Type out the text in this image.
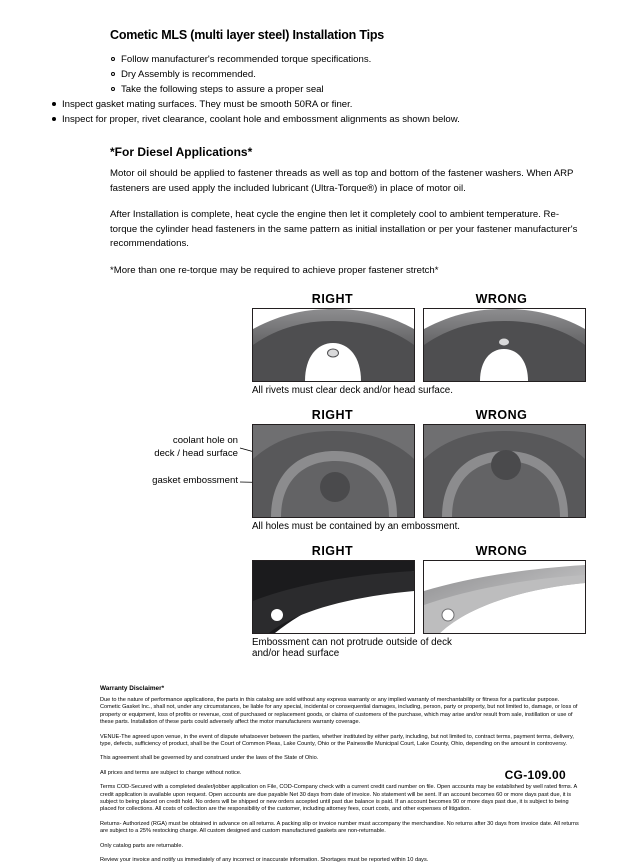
Cometic MLS (multi layer steel) Installation Tips
Follow manufacturer's recommended torque specifications.
Dry Assembly is recommended.
Take the following steps to assure a proper seal
Inspect gasket mating surfaces. They must be smooth 50RA or finer.
Inspect for proper, rivet clearance, coolant hole and embossment alignments as shown below.
*For Diesel Applications*

Motor oil should be applied to fastener threads as well as top and bottom of the fastener washers. When ARP fasteners are used apply the included lubricant (Ultra-Torque®) in place of motor oil.

After Installation is complete, heat cycle the engine then let it completely cool to ambient temperature. Re-torque the cylinder head fasteners in the same pattern as initial installation or per your fastener manufacturer's recommendations.

*More than one re-torque may be required to achieve proper fastener stretch*

RIGHT	WRONG
All rivets must clear deck and/or head surface.
RIGHT	WRONG
All holes must be contained by an embossment.
coolant hole on
deck / head surface
gasket embossment
RIGHT	WRONG
Embossment can not protrude outside of deck
and/or head surface
Warranty Disclaimer*

Due to the nature of performance applications, the parts in this catalog are sold without any express warranty or any implied warranty of merchantability or fitness for a particular purpose. Cometic Gasket Inc., shall not, under any circumstances, be liable for any special, incidental or consequential damages, including, person, party or property, but not limited to, damage, or loss of property or equipment, loss of profits or revenue, cost of purchased or replacement goods, or claims of customers of the purchase, which may arise and/or result from sale, instillation or use of these parts. Installation of these parts could adversely affect the motor manufacturers warranty coverage.

VENUE-The agreed upon venue, in the event of dispute whatsoever between the parties, whether instituted by either party, including, but not limited to, contract terms, payment terms, delivery, type, defects, sufficiency of product, shall be the Court of Common Pleas, Lake County, Ohio or the Painesville Municipal Court, Lake County, Ohio, depending on the amount in controversy.

This agreement shall be governed by and construed under the laws of the State of Ohio.

All prices and terms are subject to change without notice.

Terms COD-Secured with a completed dealer/jobber application on File, COD-Company check with a current credit card number on file. Open accounts may be established by well rated firms. A credit application is available upon request. Open accounts are due payable Net 30 days from date of invoice. No statement will be sent. If an account becomes 60 or more days past due, it is subject to being placed on credit hold. No orders will be shipped or new orders accepted until past due balance is paid. If an account becomes 90 or more days past due, it is subject to being placed for collections. All costs of collection are the responsibility of the customer, including attorney fees, court costs, and other expenses of litigation.

Returns- Authorized (RGA) must be obtained in advance on all returns. A packing slip or invoice number must accompany the merchandise. No returns after 30 days from invoice date. All returns are subject to a 25% restocking charge. All custom designed and custom manufactured gaskets are non-returnable.

Only catalog parts are returnable.

Review your invoice and notify us immediately of any incorrect or inaccurate information. Shortages must be reported within 10 days.

CG-109.00
